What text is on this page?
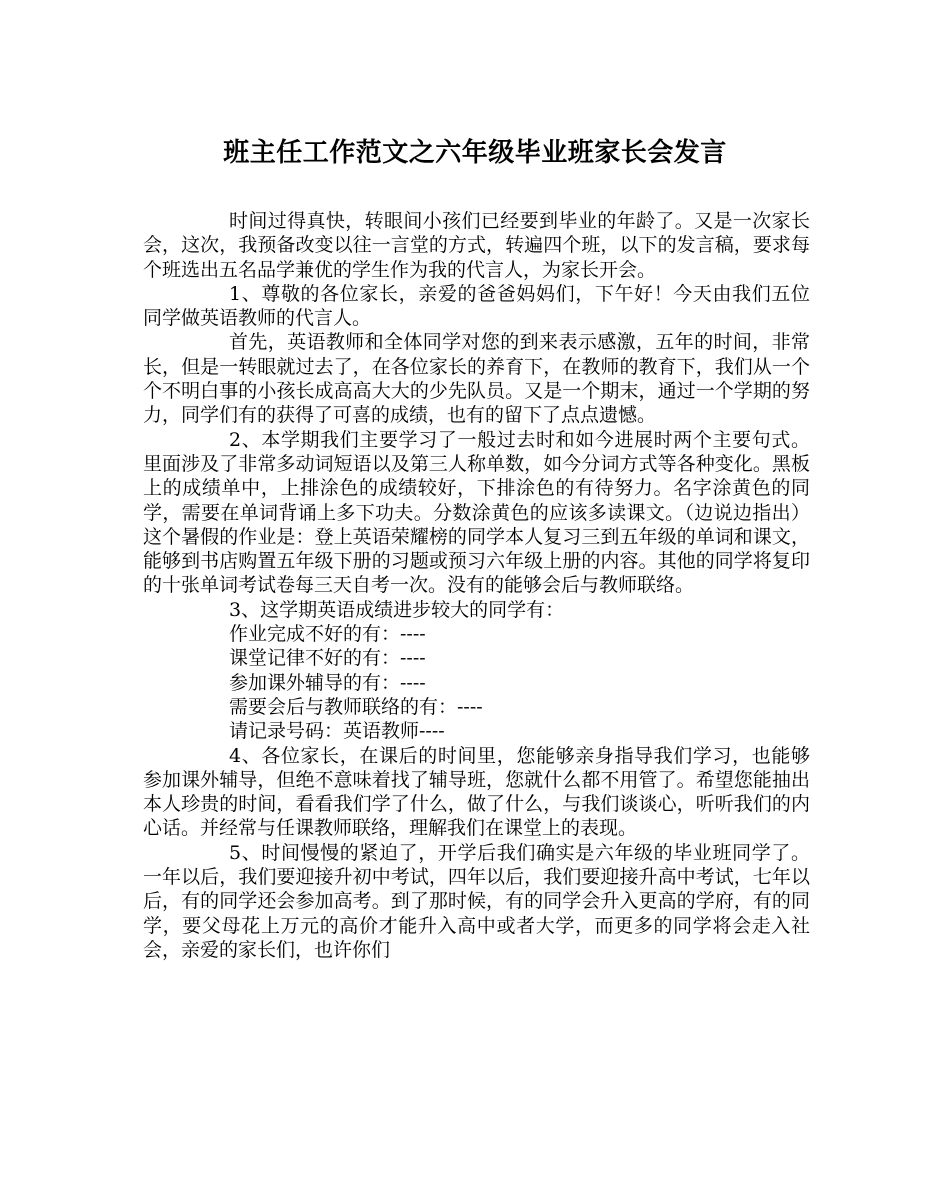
班主任工作范文之六年级毕业班家长会发言

时间过得真快，转眼间小孩们已经要到毕业的年龄了。又是一次家长会，这次，我预备改变以往一言堂的方式，转遍四个班，以下的发言稿，要求每个班选出五名品学兼优的学生作为我的代言人，为家长开会。

1、尊敬的各位家长，亲爱的爸爸妈妈们，下午好！今天由我们五位同学做英语教师的代言人。

首先，英语教师和全体同学对您的到来表示感激，五年的时间，非常长，但是一转眼就过去了，在各位家长的养育下，在教师的教育下，我们从一个个不明白事的小孩长成高高大大的少先队员。又是一个期末，通过一个学期的努力，同学们有的获得了可喜的成绩，也有的留下了点点遗憾。

2、本学期我们主要学习了一般过去时和如今进展时两个主要句式。里面涉及了非常多动词短语以及第三人称单数，如今分词方式等各种变化。黑板上的成绩单中，上排涂色的成绩较好，下排涂色的有待努力。名字涂黄色的同学，需要在单词背诵上多下功夫。分数涂黄色的应该多读课文。（边说边指出）这个暑假的作业是：登上英语荣耀榜的同学本人复习三到五年级的单词和课文，能够到书店购置五年级下册的习题或预习六年级上册的内容。其他的同学将复印的十张单词考试卷每三天自考一次。没有的能够会后与教师联络。

3、这学期英语成绩进步较大的同学有：

作业完成不好的有：----

课堂记律不好的有：----

参加课外辅导的有：----

需要会后与教师联络的有：----

请记录号码：英语教师----

4、各位家长，在课后的时间里，您能够亲身指导我们学习，也能够参加课外辅导，但绝不意味着找了辅导班，您就什么都不用管了。希望您能抽出本人珍贵的时间，看看我们学了什么，做了什么，与我们谈谈心，听听我们的内心话。并经常与任课教师联络，理解我们在课堂上的表现。

5、时间慢慢的紧迫了，开学后我们确实是六年级的毕业班同学了。一年以后，我们要迎接升初中考试，四年以后，我们要迎接升高中考试，七年以后，有的同学还会参加高考。到了那时候，有的同学会升入更高的学府，有的同学，要父母花上万元的高价才能升入高中或者大学，而更多的同学将会走入社会，亲爱的家长们，也许你们
